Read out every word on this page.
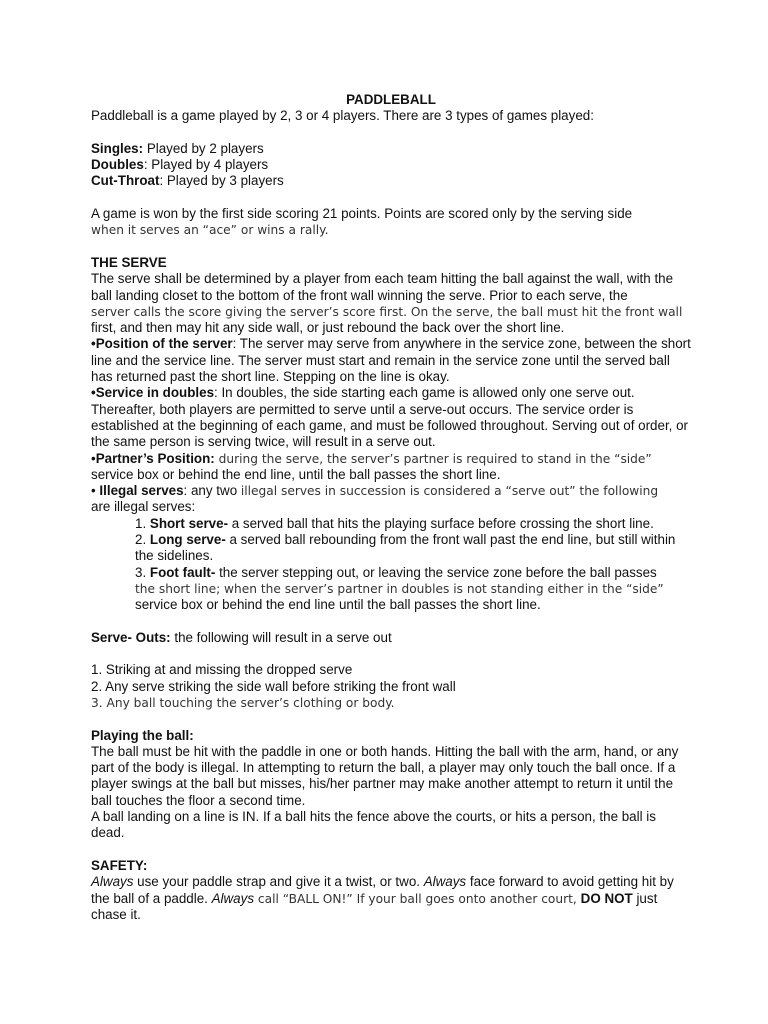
PADDLEBALL

Paddleball is a game played by 2, 3 or 4 players. There are 3 types of games played:

Singles: Played by 2 players

Doubles: Played by 4 players

Cut-Throat: Played by 3 players

A game is won by the first side scoring 21 points. Points are scored only by the serving side

when it serves an “ace” or wins a rally.

THE SERVE

The serve shall be determined by a player from each team hitting the ball against the wall, with the ball landing closet to the bottom of the front wall winning the serve. Prior to each serve, the

server calls the score giving the server’s score first. On the serve, the ball must hit the front wall

first, and then may hit any side wall, or just rebound the back over the short line.

•Position of the server: The server may serve from anywhere in the service zone, between the short line and the service line. The server must start and remain in the service zone until the served ball has returned past the short line. Stepping on the line is okay.

•Service in doubles: In doubles, the side starting each game is allowed only one serve out. Thereafter, both players are permitted to serve until a serve-out occurs. The service order is established at the beginning of each game, and must be followed throughout. Serving out of order, or the same person is serving twice, will result in a serve out.

•Partner’s Position: during the serve, the server’s partner is required to stand in the “side”

service box or behind the end line, until the ball passes the short line.

• Illegal serves: any two illegal serves in succession is considered a “serve out” the following

are illegal serves:

1. Short serve- a served ball that hits the playing surface before crossing the short line.

2. Long serve- a served ball rebounding from the front wall past the end line, but still within the sidelines.

3. Foot fault- the server stepping out, or leaving the service zone before the ball passes

the short line; when the server’s partner in doubles is not standing either in the “side”

service box or behind the end line until the ball passes the short line.

Serve- Outs: the following will result in a serve out

1. Striking at and missing the dropped serve

2. Any serve striking the side wall before striking the front wall

3. Any ball touching the server’s clothing or body.

Playing the ball:

The ball must be hit with the paddle in one or both hands. Hitting the ball with the arm, hand, or any part of the body is illegal. In attempting to return the ball, a player may only touch the ball once. If a player swings at the ball but misses, his/her partner may make another attempt to return it until the ball touches the floor a second time.

A ball landing on a line is IN. If a ball hits the fence above the courts, or hits a person, the ball is dead.

SAFETY:

Always use your paddle strap and give it a twist, or two. Always face forward to avoid getting hit by the ball of a paddle. Always call “BALL ON!” If your ball goes onto another court, DO NOT just chase it.
